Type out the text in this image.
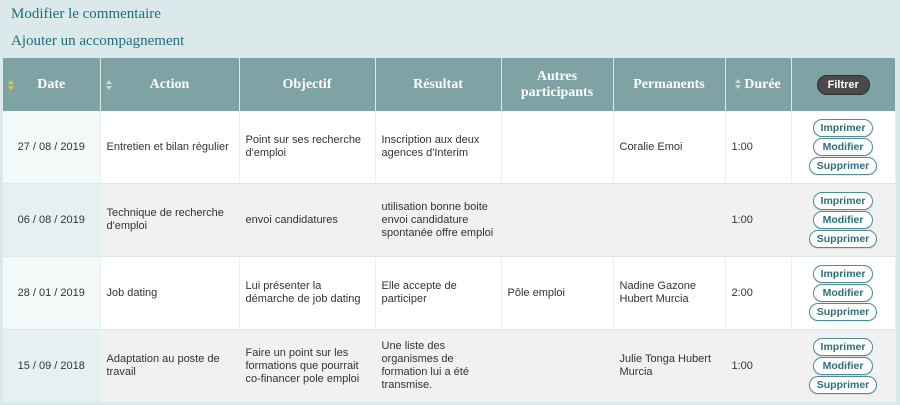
Modifier le commentaire
Ajouter un accompagnement
Date	Action	Objectif	Résultat	Autres participants	Permanents	Durée	Filtrer
27 / 08 / 2019	Entretien et bilan régulier	Point sur ses recherche d'emploi	Inscription aux deux agences d'Interim		Coralie Emoi	1:00	Imprimer
Modifier
Supprimer

06 / 08 / 2019	Technique de recherche d'emploi	envoi candidatures	utilisation bonne boite envoi candidature spontanée offre emploi			1:00	Imprimer
Modifier
Supprimer

28 / 01 / 2019	Job dating	Lui présenter la démarche de job dating	Elle accepte de participer	Pôle emploi	Nadine Gazone Hubert Murcia	2:00	Imprimer
Modifier
Supprimer

15 / 09 / 2018	Adaptation au poste de travail	Faire un point sur les formations que pourrait co-financer pole emploi	Une liste des organismes de formation lui a été transmise.		Julie Tonga Hubert Murcia	1:00	Imprimer
Modifier
Supprimer
